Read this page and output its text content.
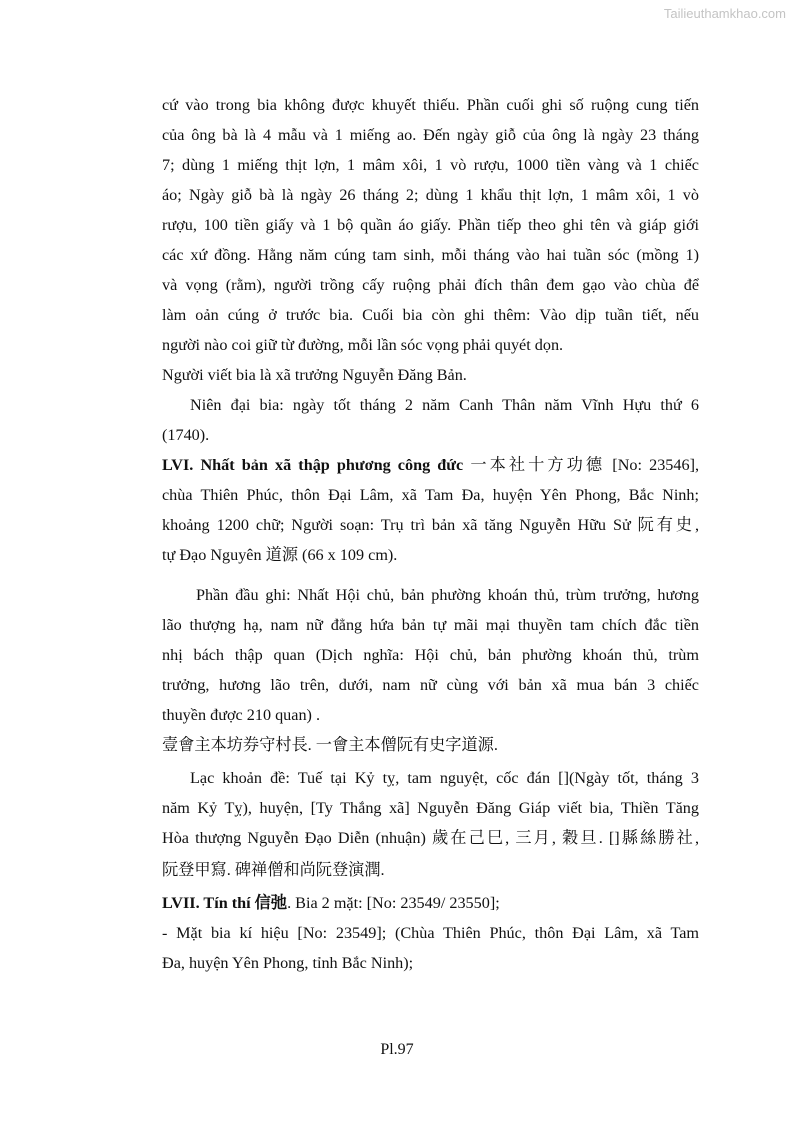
Tailieuthamkhao.com
cứ vào trong bia không được khuyết thiếu. Phần cuối ghi số ruộng cung tiến
của ông bà là 4 mẫu và 1 miếng ao. Đến ngày giỗ của ông là ngày 23 tháng
7; dùng 1 miếng thịt lợn, 1 mâm xôi, 1 vò rượu, 1000 tiền vàng và 1 chiếc
áo; Ngày giỗ bà là ngày 26 tháng 2; dùng 1 khẩu thịt lợn, 1 mâm xôi, 1 vò
rượu, 100 tiền giấy và 1 bộ quần áo giấy. Phần tiếp theo ghi tên và giáp giới
các xứ đồng. Hằng năm cúng tam sinh, mỗi tháng vào hai tuần sóc (mồng 1)
và vọng (rằm), người trồng cấy ruộng phải đích thân đem gạo vào chùa để
làm oản cúng ở trước bia. Cuối bia còn ghi thêm: Vào dịp tuần tiết, nếu
người nào coi giữ từ đường, mỗi lần sóc vọng phải quyét dọn.
Người viết bia là xã trưởng Nguyễn Đăng Bản.
Niên đại bia: ngày tốt tháng 2 năm Canh Thân năm Vĩnh Hựu thứ 6
(1740).
LVI. Nhất bản xã thập phương công đức 一本社十方功德 [No: 23546],
chùa Thiên Phúc, thôn Đại Lâm, xã Tam Đa, huyện Yên Phong, Bắc Ninh;
khoảng 1200 chữ; Người soạn: Trụ trì bản xã tăng Nguyễn Hữu Sử 阮有史,
tự Đạo Nguyên 道源 (66 x 109 cm).
Phần đầu ghi: Nhất Hội chủ, bản phường khoán thủ, trùm trưởng, hương
lão thượng hạ, nam nữ đẳng hứa bản tự mãi mại thuyền tam chích đắc tiền
nhị bách thập quan (Dịch nghĩa: Hội chủ, bản phường khoán thủ, trùm
trưởng, hương lão trên, dưới, nam nữ cùng với bản xã mua bán 3 chiếc
thuyền được 210 quan) .
壹會主本坊券守村長. 一會主本僧阮有史字道源.
Lạc khoản đề: Tuế tại Kỷ tỵ, tam nguyệt, cốc đán [](Ngày tốt, tháng 3
năm Kỷ Tỵ), huyện, [Ty Thắng xã] Nguyễn Đăng Giáp viết bia, Thiền Tăng
Hòa thượng Nguyễn Đạo Diễn (nhuận) 歲在己巳, 三月, 穀旦. []縣絲勝社,
阮登甲寫. 碑禅僧和尚阮登演潤.
LVII. Tín thí 信弛. Bia 2 mặt: [No: 23549/ 23550];
- Mặt bia kí hiệu [No: 23549]; (Chùa Thiên Phúc, thôn Đại Lâm, xã Tam
Đa, huyện Yên Phong, tỉnh Bắc Ninh);
Pl.97
